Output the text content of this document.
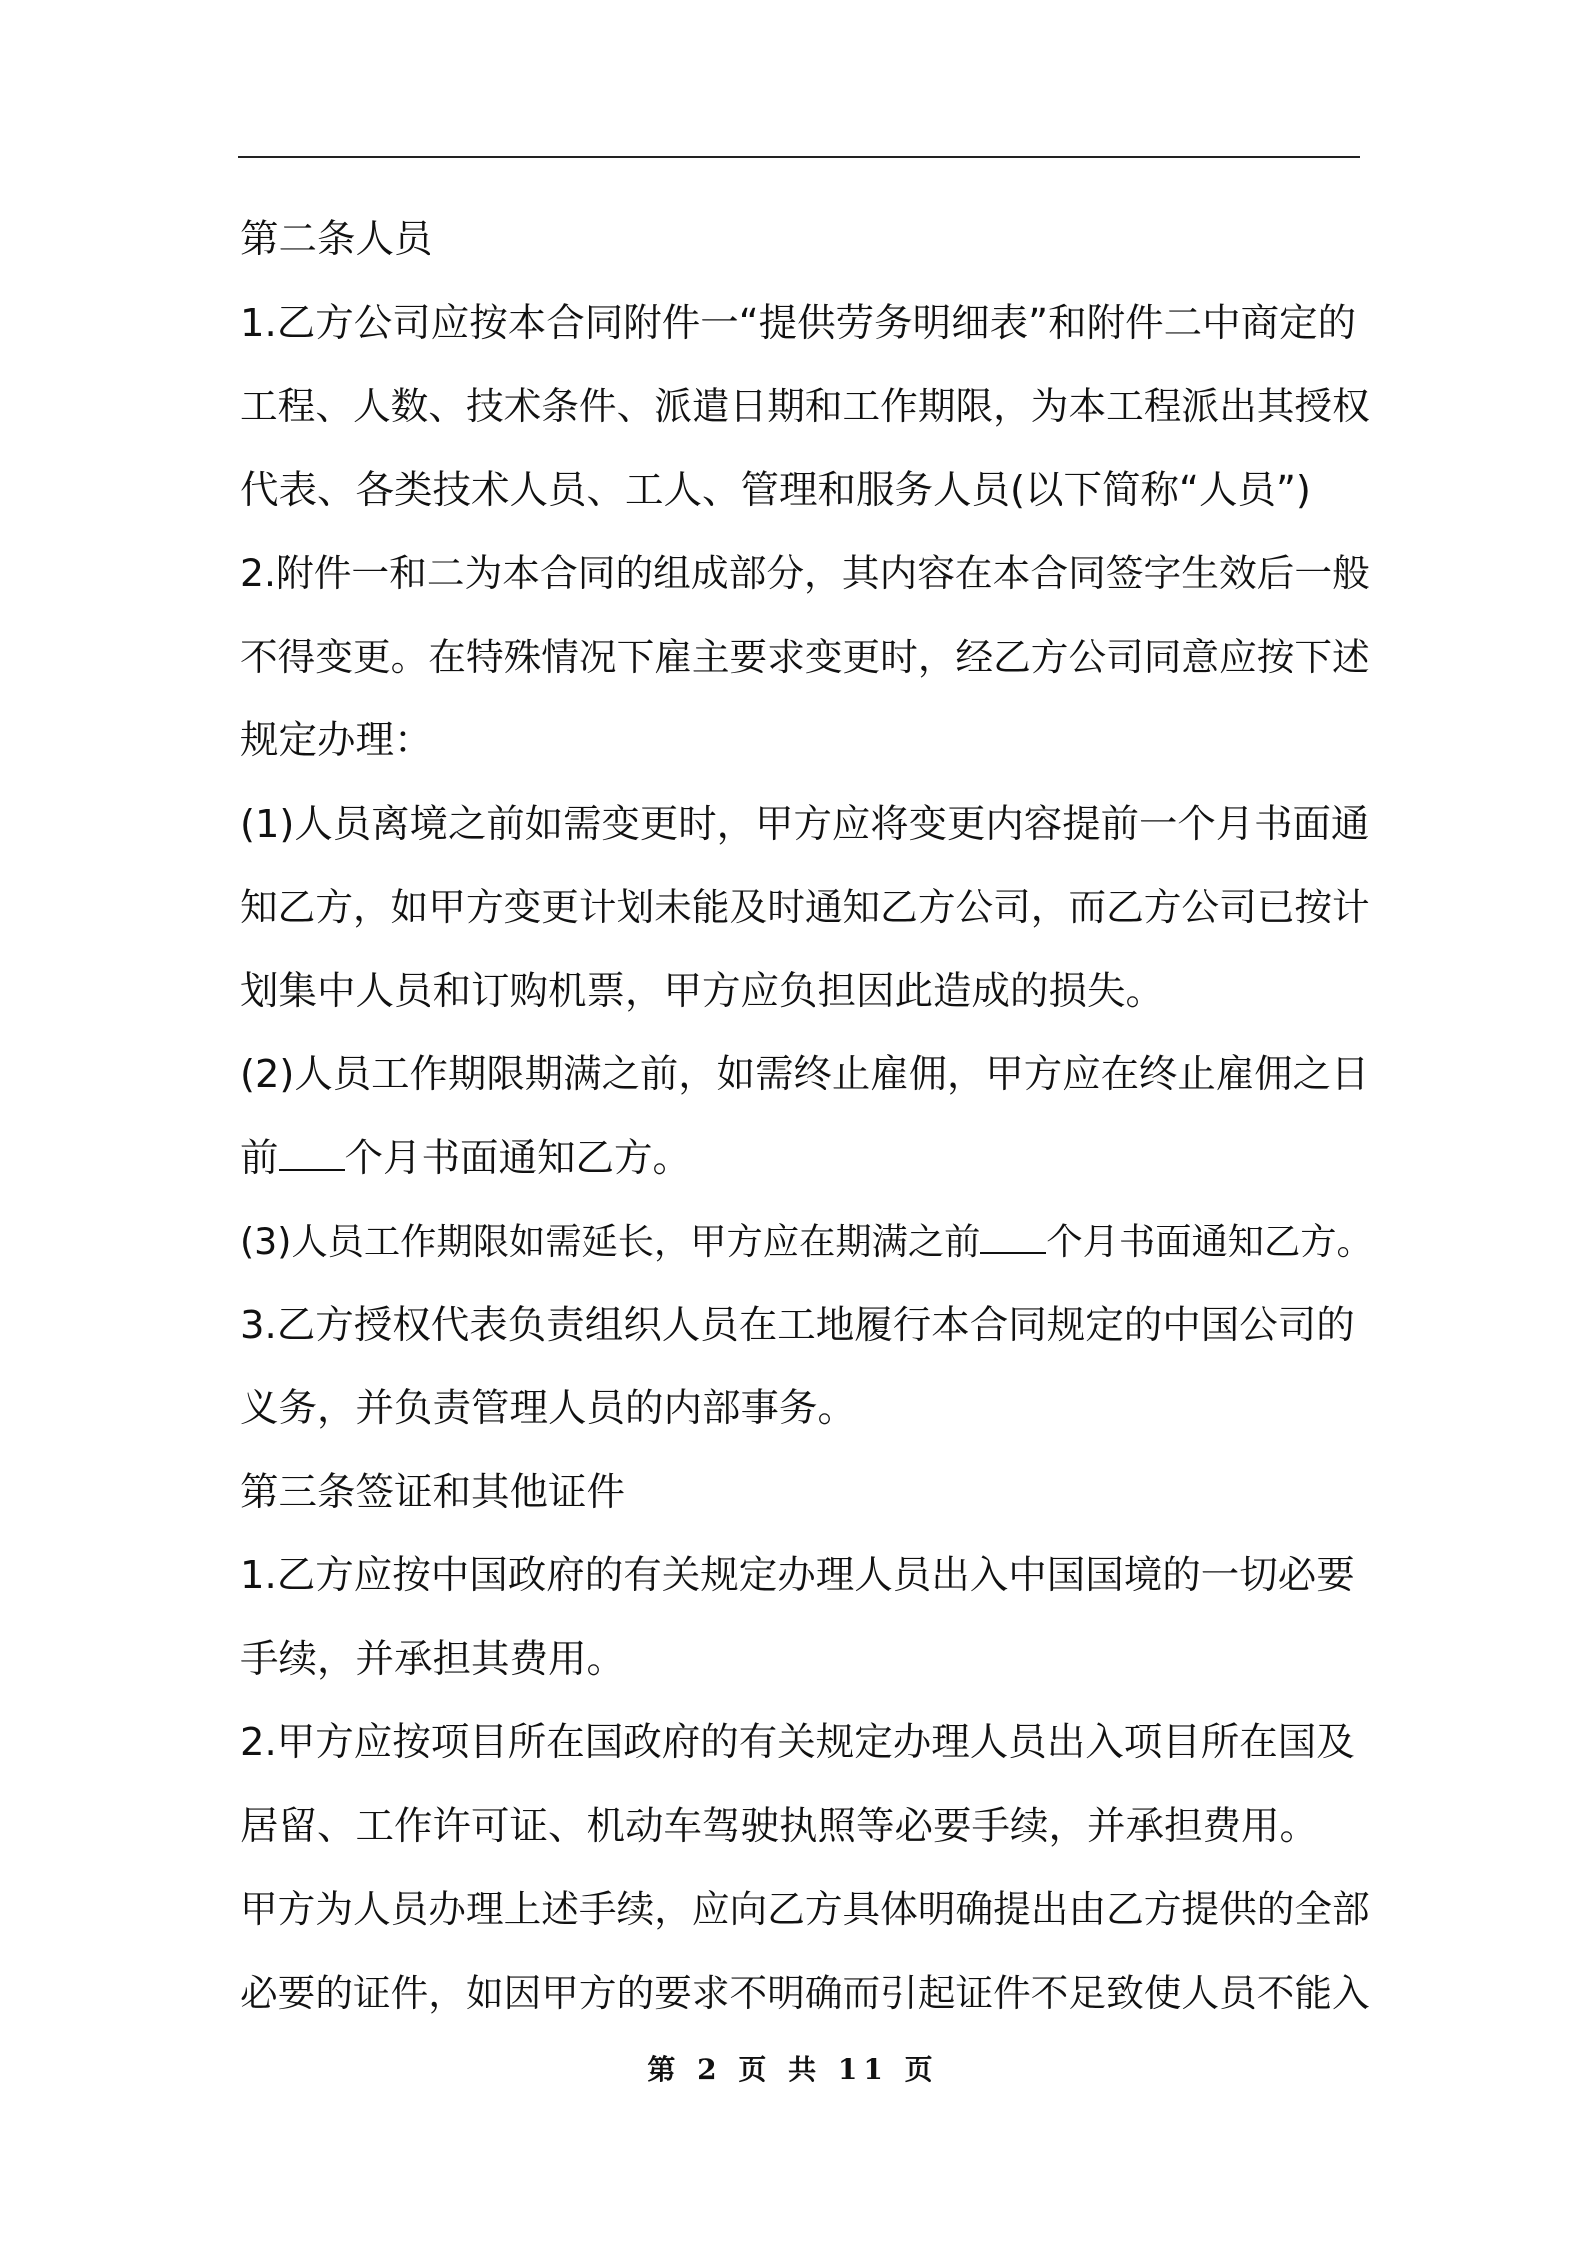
第二条人员
1.乙方公司应按本合同附件一“提供劳务明细表”和附件二中商定的
工程、人数、技术条件、派遣日期和工作期限，为本工程派出其授权
代表、各类技术人员、工人、管理和服务人员(以下简称“人员”)
2.附件一和二为本合同的组成部分，其内容在本合同签字生效后一般
不得变更。在特殊情况下雇主要求变更时，经乙方公司同意应按下述
规定办理：
(1)人员离境之前如需变更时，甲方应将变更内容提前一个月书面通
知乙方，如甲方变更计划未能及时通知乙方公司，而乙方公司已按计
划集中人员和订购机票，甲方应负担因此造成的损失。
(2)人员工作期限期满之前，如需终止雇佣，甲方应在终止雇佣之日
前 个月书面通知乙方。
(3)人员工作期限如需延长，甲方应在期满之前 个月书面通知乙方。
3.乙方授权代表负责组织人员在工地履行本合同规定的中国公司的
义务，并负责管理人员的内部事务。
第三条签证和其他证件
1.乙方应按中国政府的有关规定办理人员出入中国国境的一切必要
手续，并承担其费用。
2.甲方应按项目所在国政府的有关规定办理人员出入项目所在国及
居留、工作许可证、机动车驾驶执照等必要手续，并承担费用。
甲方为人员办理上述手续，应向乙方具体明确提出由乙方提供的全部
必要的证件，如因甲方的要求不明确而引起证件不足致使人员不能入
第 2 页 共 11 页
